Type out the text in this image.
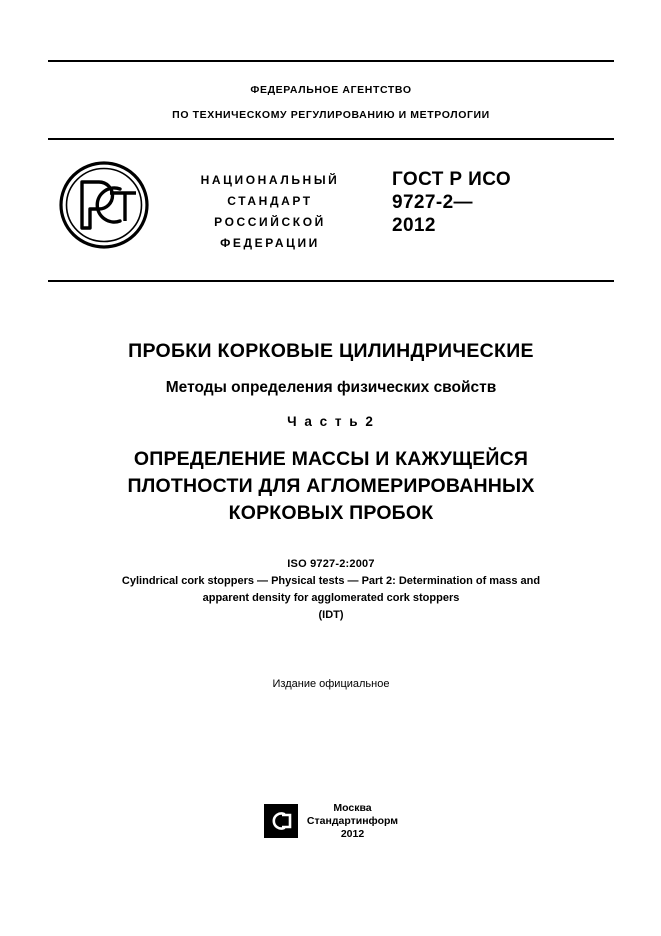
ФЕДЕРАЛЬНОЕ АГЕНТСТВО
ПО ТЕХНИЧЕСКОМУ РЕГУЛИРОВАНИЮ И МЕТРОЛОГИИ
НАЦИОНАЛЬНЫЙ
СТАНДАРТ
РОССИЙСКОЙ
ФЕДЕРАЦИИ
ГОСТ Р ИСО
9727-2—
2012
ПРОБКИ КОРКОВЫЕ ЦИЛИНДРИЧЕСКИЕ
Методы определения физических свойств
Ч а с т ь 2
ОПРЕДЕЛЕНИЕ МАССЫ И КАЖУЩЕЙСЯ
ПЛОТНОСТИ ДЛЯ АГЛОМЕРИРОВАННЫХ
КОРКОВЫХ ПРОБОК
ISO 9727-2:2007
Cylindrical cork stoppers — Physical tests — Part 2: Determination of mass and
apparent density for agglomerated cork stoppers
(IDT)
Издание официальное
Москва
Стандартинформ
2012
